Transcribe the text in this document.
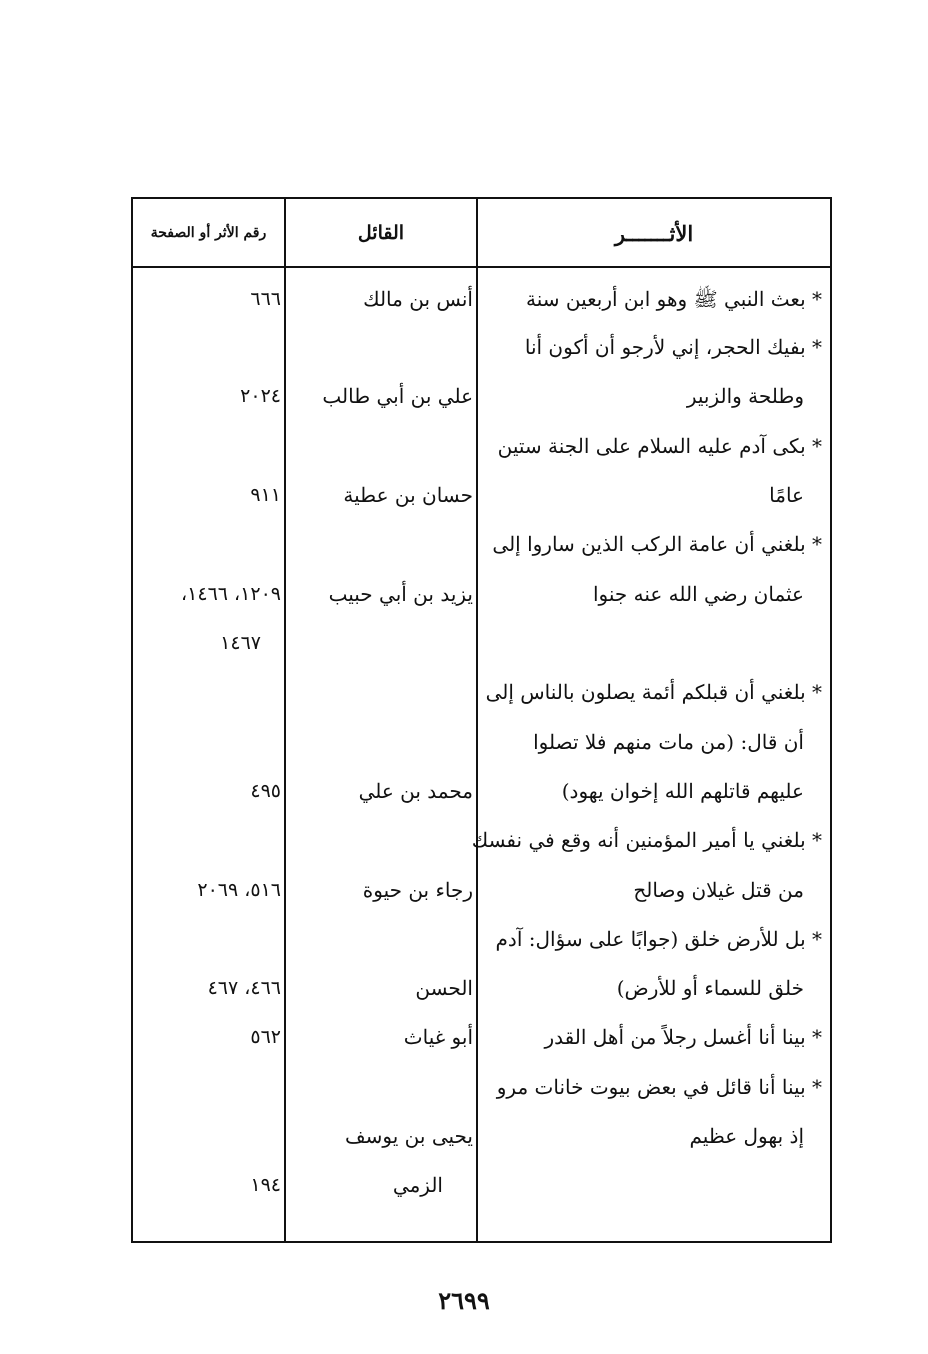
الأثـــــــر
القائل
رقم الأثر أو الصفحة
* بعث النبي ﷺ وهو ابن أربعين سنة
أنس بن مالك
٦٦٦
* بفيك الحجر، إني لأرجو أن أكون أنا
وطلحة والزبير
علي بن أبي طالب
٢٠٢٤
* بكى آدم عليه السلام على الجنة ستين
عامًا
حسان بن عطية
٩١١
* بلغني أن عامة الركب الذين ساروا إلى
عثمان رضي الله عنه جنوا
يزيد بن أبي حبيب
١٢٠٩، ١٤٦٦،
١٤٦٧
* بلغني أن قبلكم أئمة يصلون بالناس إلى
أن قال: (من مات منهم فلا تصلوا
عليهم قاتلهم الله إخوان يهود)
محمد بن علي
٤٩٥
* بلغني يا أمير المؤمنين أنه وقع في نفسك
من قتل غيلان وصالح
رجاء بن حيوة
٥١٦، ٢٠٦٩
* بل للأرض خلق (جوابًا على سؤال: آدم
خلق للسماء أو للأرض)
الحسن
٤٦٦، ٤٦٧
* بينا أنا أغسل رجلاً من أهل القدر
أبو غياث
٥٦٢
* بينا أنا قائل في بعض بيوت خانات مرو
إذ بهول عظيم
يحيى بن يوسف
الزمي
١٩٤
٢٦٩٩
